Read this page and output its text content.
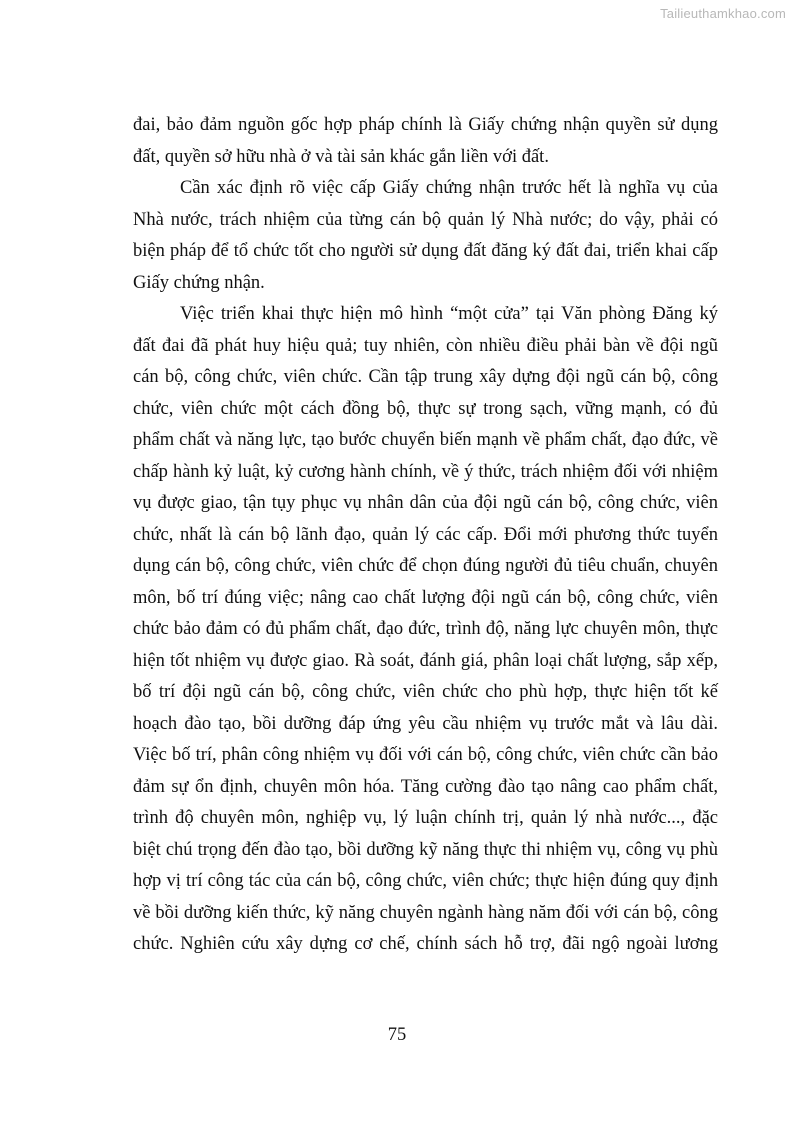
Tailieuthamkhao.com
đai, bảo đảm nguồn gốc hợp pháp chính là Giấy chứng nhận quyền sử dụng
đất, quyền sở hữu nhà ở và tài sản khác gắn liền với đất.
Cần xác định rõ việc cấp Giấy chứng nhận trước hết là nghĩa vụ của
Nhà nước, trách nhiệm của từng cán bộ quản lý Nhà nước; do vậy, phải có
biện pháp để tổ chức tốt cho người sử dụng đất đăng ký đất đai, triển khai cấp
Giấy chứng nhận.
Việc triển khai thực hiện mô hình “một cửa” tại Văn phòng Đăng ký
đất đai đã phát huy hiệu quả; tuy nhiên, còn nhiều điều phải bàn về đội ngũ
cán bộ, công chức, viên chức. Cần tập trung xây dựng đội ngũ cán bộ, công
chức, viên chức một cách đồng bộ, thực sự trong sạch, vững mạnh, có đủ
phẩm chất và năng lực, tạo bước chuyển biến mạnh về phẩm chất, đạo đức, về
chấp hành kỷ luật, kỷ cương hành chính, về ý thức, trách nhiệm đối với nhiệm
vụ được giao, tận tụy phục vụ nhân dân của đội ngũ cán bộ, công chức, viên
chức, nhất là cán bộ lãnh đạo, quản lý các cấp. Đổi mới phương thức tuyển
dụng cán bộ, công chức, viên chức để chọn đúng người đủ tiêu chuẩn, chuyên
môn, bố trí đúng việc; nâng cao chất lượng đội ngũ cán bộ, công chức, viên
chức bảo đảm có đủ phẩm chất, đạo đức, trình độ, năng lực chuyên môn, thực
hiện tốt nhiệm vụ được giao. Rà soát, đánh giá, phân loại chất lượng, sắp xếp,
bố trí đội ngũ cán bộ, công chức, viên chức cho phù hợp, thực hiện tốt kế
hoạch đào tạo, bồi dưỡng đáp ứng yêu cầu nhiệm vụ trước mắt và lâu dài.
Việc bố trí, phân công nhiệm vụ đối với cán bộ, công chức, viên chức cần bảo
đảm sự ổn định, chuyên môn hóa. Tăng cường đào tạo nâng cao phẩm chất,
trình độ chuyên môn, nghiệp vụ, lý luận chính trị, quản lý nhà nước..., đặc
biệt chú trọng đến đào tạo, bồi dưỡng kỹ năng thực thi nhiệm vụ, công vụ phù
hợp vị trí công tác của cán bộ, công chức, viên chức; thực hiện đúng quy định
về bồi dưỡng kiến thức, kỹ năng chuyên ngành hàng năm đối với cán bộ, công
chức. Nghiên cứu xây dựng cơ chế, chính sách hỗ trợ, đãi ngộ ngoài lương
75
